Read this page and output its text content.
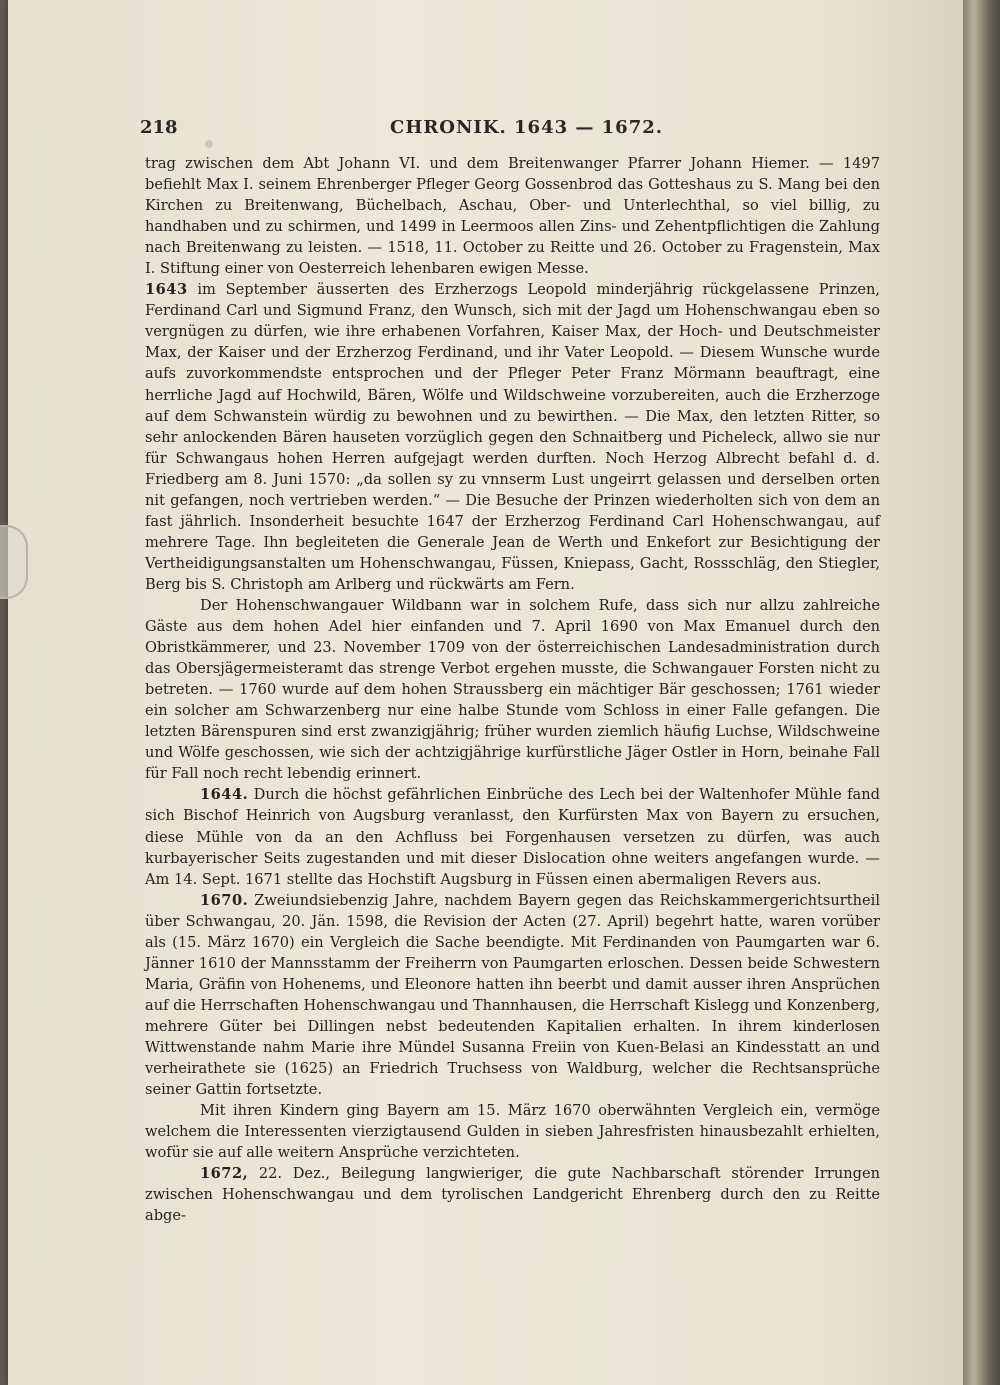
218	CHRONIK. 1643 — 1672.

trag zwischen dem Abt Johann VI. und dem Breitenwanger Pfarrer Johann Hiemer. — 1497 befiehlt Max I. seinem Ehrenberger Pfleger Georg Gossenbrod das Gotteshaus zu S. Mang bei den Kirchen zu Breitenwang, Büchelbach, Aschau, Ober- und Unterlechthal, so viel billig, zu handhaben und zu schirmen, und 1499 in Leermoos allen Zins- und Zehentpflichtigen die Zahlung nach Breitenwang zu leisten. — 1518, 11. October zu Reitte und 26. October zu Fragenstein, Max I. Stiftung einer von Oesterreich lehenbaren ewigen Messe.

1643 im September äusserten des Erzherzogs Leopold minderjährig rückgelassene Prinzen, Ferdinand Carl und Sigmund Franz, den Wunsch, sich mit der Jagd um Hohenschwangau eben so vergnügen zu dürfen, wie ihre erhabenen Vorfahren, Kaiser Max, der Hoch- und Deutschmeister Max, der Kaiser und der Erzherzog Ferdinand, und ihr Vater Leopold. — Diesem Wunsche wurde aufs zuvorkommendste entsprochen und der Pfleger Peter Franz Mörmann beauftragt, eine herrliche Jagd auf Hochwild, Bären, Wölfe und Wildschweine vorzubereiten, auch die Erzherzoge auf dem Schwanstein würdig zu bewohnen und zu bewirthen. — Die Max, den letzten Ritter, so sehr anlockenden Bären hauseten vorzüglich gegen den Schnaitberg und Picheleck, allwo sie nur für Schwangaus hohen Herren aufgejagt werden durften. Noch Herzog Albrecht befahl d. d. Friedberg am 8. Juni 1570: „da sollen sy zu vnnserm Lust ungeirrt gelassen und derselben orten nit gefangen, noch vertrieben werden.“ — Die Besuche der Prinzen wiederholten sich von dem an fast jährlich. Insonderheit besuchte 1647 der Erzherzog Ferdinand Carl Hohenschwangau, auf mehrere Tage. Ihn begleiteten die Generale Jean de Werth und Enkefort zur Besichtigung der Vertheidigungsanstalten um Hohenschwangau, Füssen, Kniepass, Gacht, Rossschläg, den Stiegler, Berg bis S. Christoph am Arlberg und rückwärts am Fern.

Der Hohenschwangauer Wildbann war in solchem Rufe, dass sich nur allzu zahlreiche Gäste aus dem hohen Adel hier einfanden und 7. April 1690 von Max Emanuel durch den Obristkämmerer, und 23. November 1709 von der österreichischen Landesadministration durch das Obersjägermeisteramt das strenge Verbot ergehen musste, die Schwangauer Forsten nicht zu betreten. — 1760 wurde auf dem hohen Straussberg ein mächtiger Bär geschossen; 1761 wieder ein solcher am Schwarzenberg nur eine halbe Stunde vom Schloss in einer Falle gefangen. Die letzten Bärenspuren sind erst zwanzigjährig; früher wurden ziemlich häufig Luchse, Wildschweine und Wölfe geschossen, wie sich der achtzigjährige kurfürstliche Jäger Ostler in Horn, beinahe Fall für Fall noch recht lebendig erinnert.

1644. Durch die höchst gefährlichen Einbrüche des Lech bei der Waltenhofer Mühle fand sich Bischof Heinrich von Augsburg veranlasst, den Kurfürsten Max von Bayern zu ersuchen, diese Mühle von da an den Achfluss bei Forgenhausen versetzen zu dürfen, was auch kurbayerischer Seits zugestanden und mit dieser Dislocation ohne weiters angefangen wurde. — Am 14. Sept. 1671 stellte das Hochstift Augsburg in Füssen einen abermaligen Revers aus.

1670. Zweiundsiebenzig Jahre, nachdem Bayern gegen das Reichskammergerichtsurtheil über Schwangau, 20. Jän. 1598, die Revision der Acten (27. April) begehrt hatte, waren vorüber als (15. März 1670) ein Vergleich die Sache beendigte. Mit Ferdinanden von Paumgarten war 6. Jänner 1610 der Mannsstamm der Freiherrn von Paumgarten erloschen. Dessen beide Schwestern Maria, Gräfin von Hohenems, und Eleonore hatten ihn beerbt und damit ausser ihren Ansprüchen auf die Herrschaften Hohenschwangau und Thannhausen, die Herrschaft Kislegg und Konzenberg, mehrere Güter bei Dillingen nebst bedeutenden Kapitalien erhalten. In ihrem kinderlosen Wittwenstande nahm Marie ihre Mündel Susanna Freiin von Kuen-Belasi an Kindesstatt an und verheirathete sie (1625) an Friedrich Truchsess von Waldburg, welcher die Rechtsansprüche seiner Gattin fortsetzte.

Mit ihren Kindern ging Bayern am 15. März 1670 oberwähnten Vergleich ein, vermöge welchem die Interessenten vierzigtausend Gulden in sieben Jahresfristen hinausbezahlt erhielten, wofür sie auf alle weitern Ansprüche verzichteten.

1672, 22. Dez., Beilegung langwieriger, die gute Nachbarschaft störender Irrungen zwischen Hohenschwangau und dem tyrolischen Landgericht Ehrenberg durch den zu Reitte abge-
